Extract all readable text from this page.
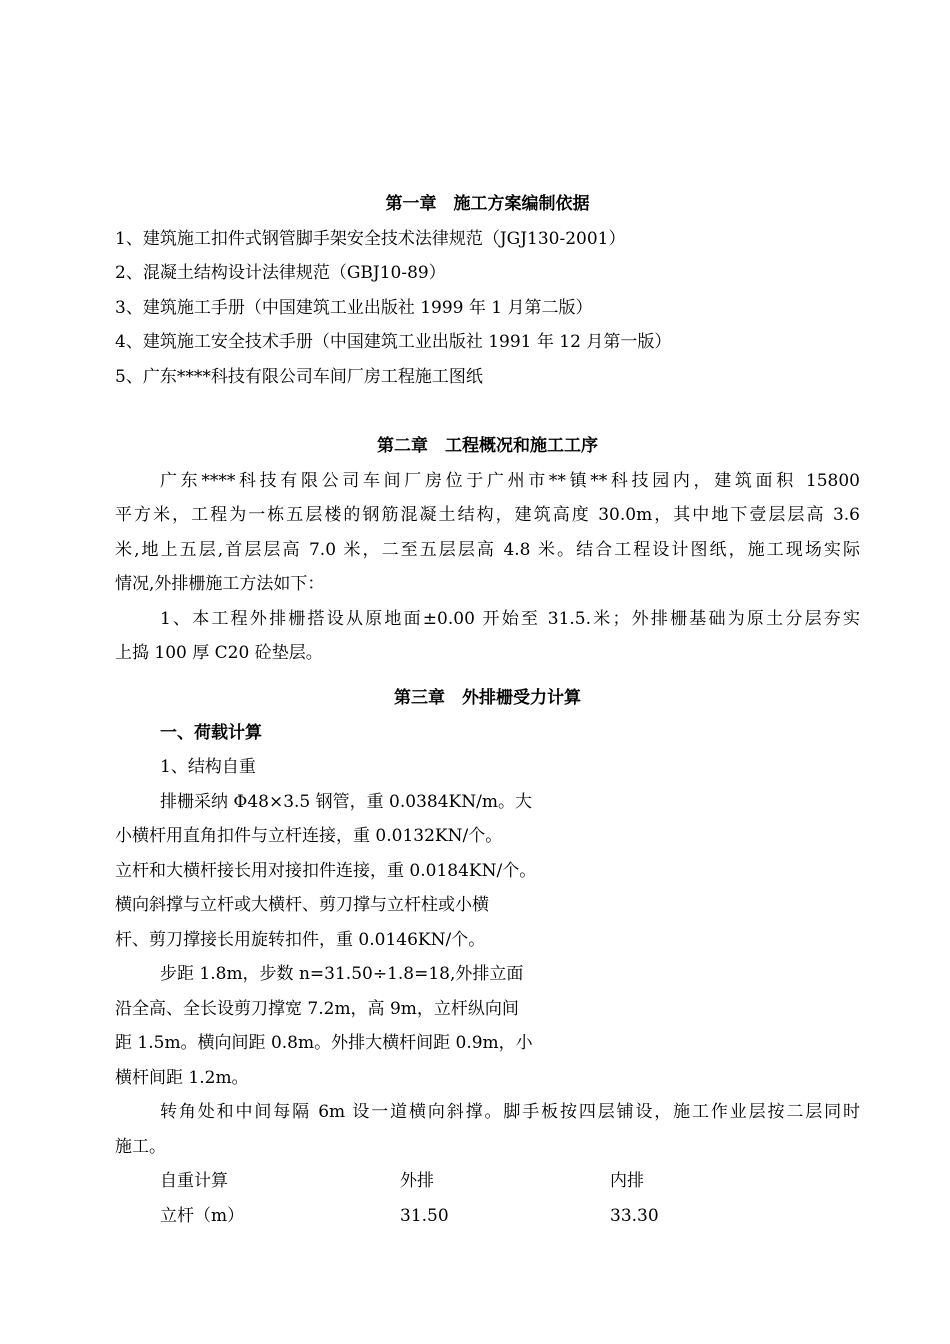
第一章　施工方案编制依据
1、建筑施工扣件式钢管脚手架安全技术法律规范（JGJ130-2001）
2、混凝土结构设计法律规范（GBJ10-89）
3、建筑施工手册（中国建筑工业出版社 1999 年 1 月第二版）
4、建筑施工安全技术手册（中国建筑工业出版社 1991 年 12 月第一版）
5、广东****科技有限公司车间厂房工程施工图纸
第二章　工程概况和施工工序
广东****科技有限公司车间厂房位于广州市**镇**科技园内，建筑面积 15800
平方米，工程为一栋五层楼的钢筋混凝土结构，建筑高度 30.0m，其中地下壹层层高 3.6
米,地上五层,首层层高 7.0 米，二至五层层高 4.8 米。结合工程设计图纸，施工现场实际
情况,外排栅施工方法如下：
1、本工程外排栅搭设从原地面±0.00 开始至 31.5.米；外排栅基础为原土分层夯实
上捣 100 厚 C20 砼垫层。
第三章　外排栅受力计算
一、荷载计算
1、结构自重
排栅采纳 Φ48×3.5 钢管，重 0.0384KN/m。大
小横杆用直角扣件与立杆连接，重 0.0132KN/个。
立杆和大横杆接长用对接扣件连接，重 0.0184KN/个。
横向斜撑与立杆或大横杆、剪刀撑与立杆柱或小横
杆、剪刀撑接长用旋转扣件，重 0.0146KN/个。
步距 1.8m，步数 n=31.50÷1.8=18,外排立面
沿全高、全长设剪刀撑宽 7.2m，高 9m，立杆纵向间
距 1.5m。横向间距 0.8m。外排大横杆间距 0.9m，小
横杆间距 1.2m。
转角处和中间每隔 6m 设一道横向斜撑。脚手板按四层铺设，施工作业层按二层同时
施工。
自重计算	外排	内排
立杆（m）	31.50	33.30
